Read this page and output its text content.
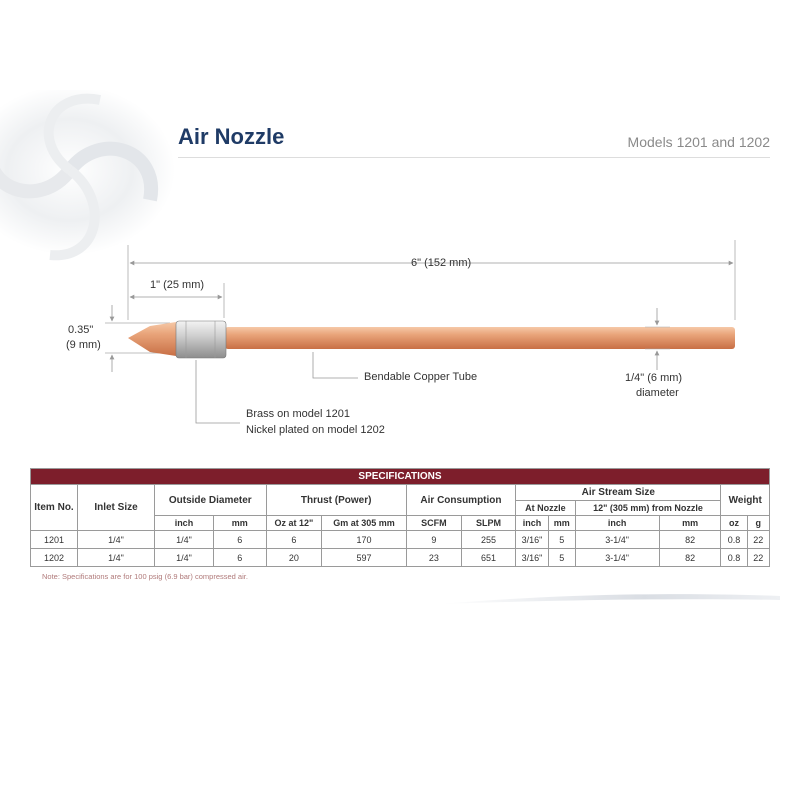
Air Nozzle	Models 1201 and 1202
6" (152 mm)
1" (25 mm)
0.35"
(9 mm)
Bendable Copper Tube	1/4" (6 mm)
diameter
Brass on model 1201
Nickel plated on model 1202
SPECIFICATIONS													
Item No.	Inlet Size	Outside Diameter		Thrust (Power)		Air Consumption		Air Stream Size				Weight	
								At Nozzle		12" (305 mm) from Nozzle			
		inch	mm	Oz at 12"	Gm at 305 mm	SCFM	SLPM	inch	mm	inch	mm	oz	g
1201	1/4"	1/4"	6	6	170	9	255	3/16"	5	3-1/4"	82	0.8	22
1202	1/4"	1/4"	6	20	597	23	651	3/16"	5	3-1/4"	82	0.8	22
Note: Specifications are for 100 psig (6.9 bar) compressed air.
